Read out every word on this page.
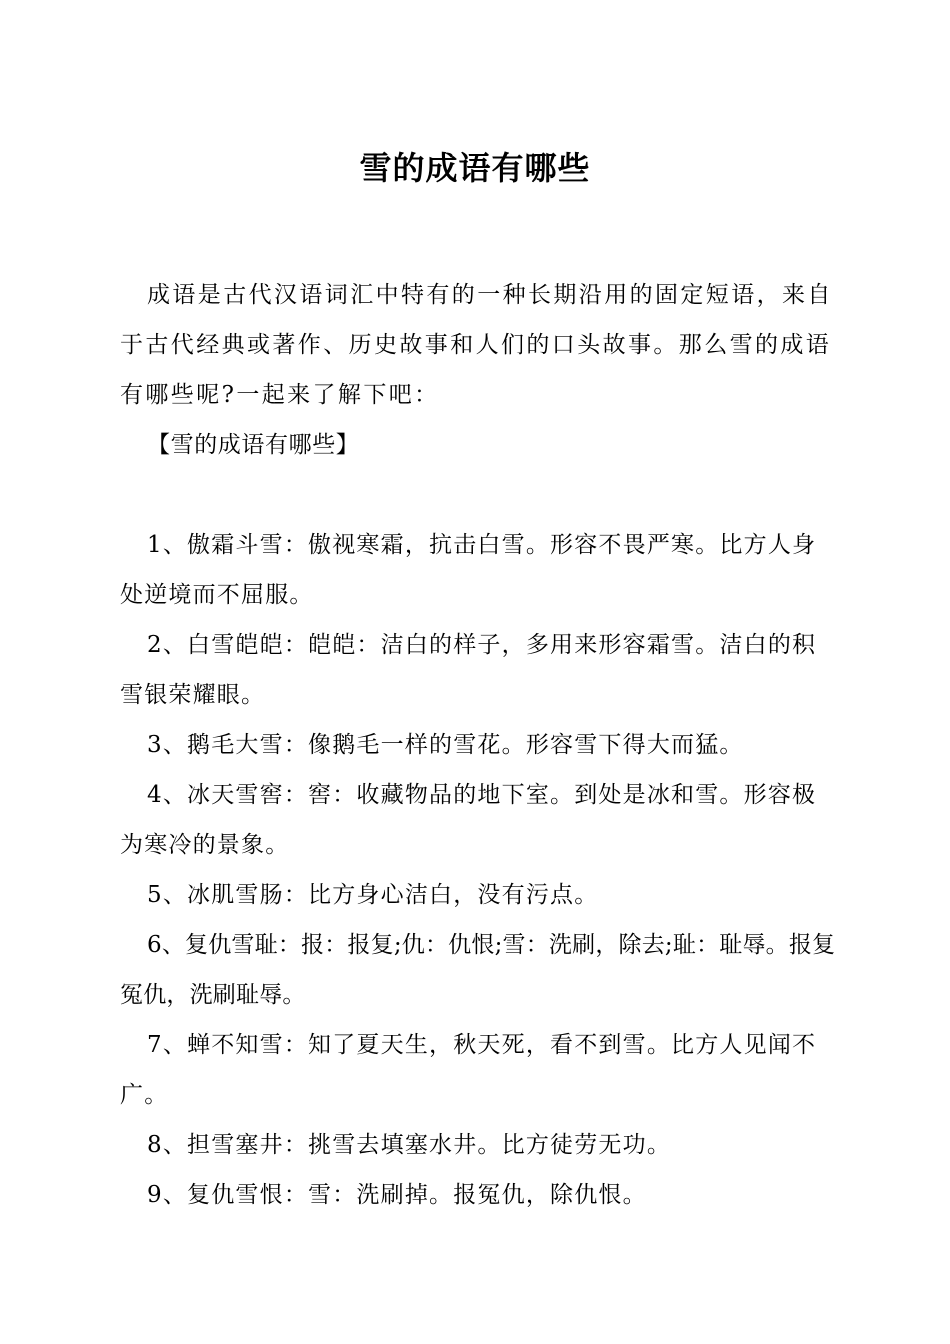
雪的成语有哪些

成语是古代汉语词汇中特有的一种长期沿用的固定短语，来自于古代经典或著作、历史故事和人们的口头故事。那么雪的成语有哪些呢?一起来了解下吧：

【雪的成语有哪些】

1、傲霜斗雪：傲视寒霜，抗击白雪。形容不畏严寒。比方人身处逆境而不屈服。

2、白雪皑皑：皑皑：洁白的样子，多用来形容霜雪。洁白的积雪银荣耀眼。

3、鹅毛大雪：像鹅毛一样的雪花。形容雪下得大而猛。

4、冰天雪窖：窖：收藏物品的地下室。到处是冰和雪。形容极为寒冷的景象。

5、冰肌雪肠：比方身心洁白，没有污点。

6、复仇雪耻：报：报复;仇：仇恨;雪：洗刷，除去;耻：耻辱。报复冤仇，洗刷耻辱。

7、蝉不知雪：知了夏天生，秋天死，看不到雪。比方人见闻不广。

8、担雪塞井：挑雪去填塞水井。比方徒劳无功。

9、复仇雪恨：雪：洗刷掉。报冤仇，除仇恨。
